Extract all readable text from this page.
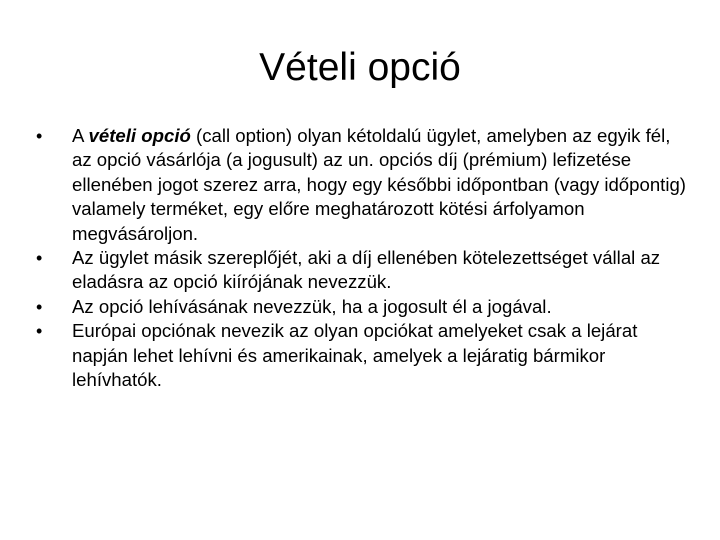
Vételi opció
•	A vételi opció (call option) olyan kétoldalú ügylet, amelyben az egyik fél, az opció vásárlója (a jogusult) az un. opciós díj (prémium) lefizetése ellenében jogot szerez arra, hogy egy későbbi időpontban (vagy időpontig) valamely terméket, egy előre meghatározott kötési árfolyamon megvásároljon.
•	Az ügylet másik szereplőjét, aki a díj ellenében kötelezettséget vállal az eladásra az opció kiírójának nevezzük.
•	Az opció lehívásának nevezzük, ha a jogosult él a jogával.
•	Európai opciónak nevezik az olyan opciókat amelyeket csak a lejárat napján lehet lehívni és amerikainak, amelyek a lejáratig bármikor lehívhatók.
